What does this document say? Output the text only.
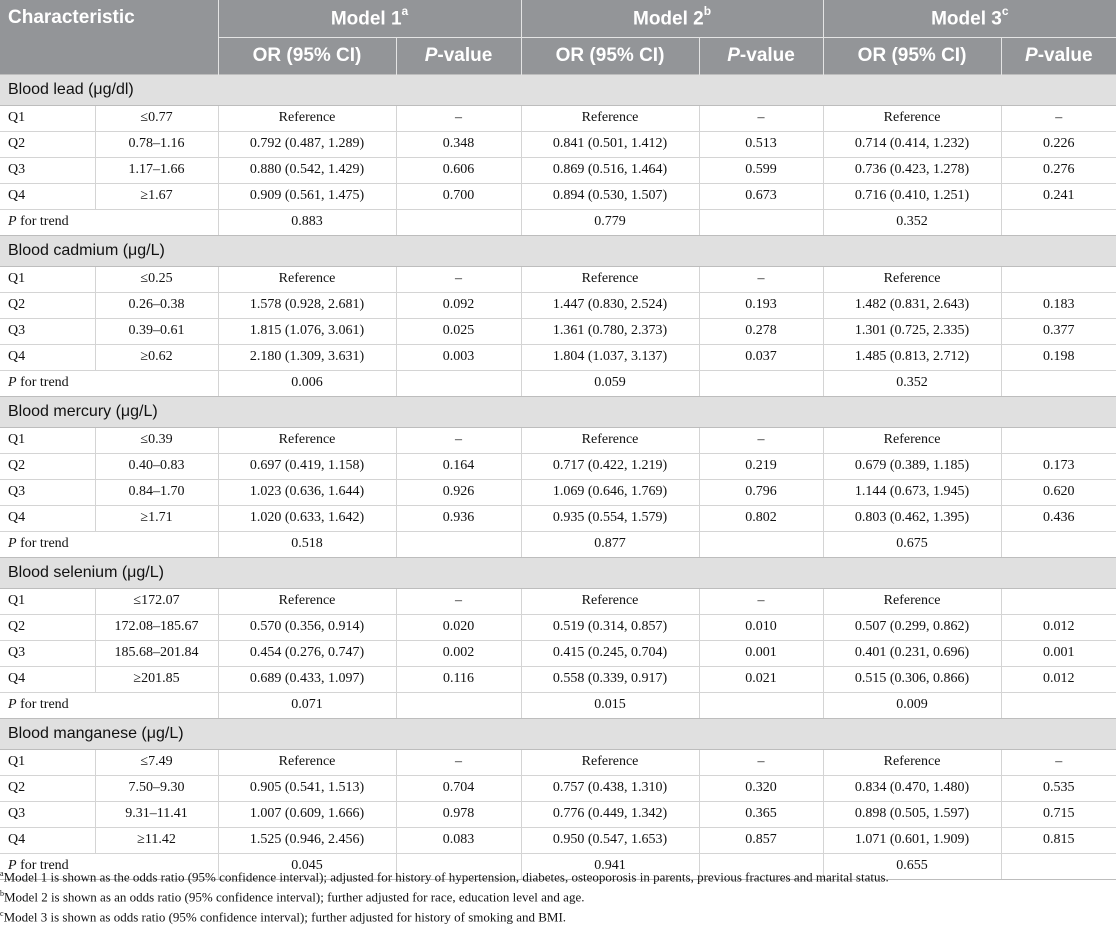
Characteristic		Model 1$^a$		Model 2$^b$		Model 3$^c$
		OR (95% CI)	P-value	OR (95% CI)	P-value	OR (95% CI)	P-value
Blood lead (μg/dl)							
Q1	≤0.77	Reference	–	Reference	–	Reference	–
Q2	0.78–1.16	0.792 (0.487, 1.289)	0.348	0.841 (0.501, 1.412)	0.513	0.714 (0.414, 1.232)	0.226
Q3	1.17–1.66	0.880 (0.542, 1.429)	0.606	0.869 (0.516, 1.464)	0.599	0.736 (0.423, 1.278)	0.276
Q4	≥1.67	0.909 (0.561, 1.475)	0.700	0.894 (0.530, 1.507)	0.673	0.716 (0.410, 1.251)	0.241
P for trend		0.883		0.779		0.352	
Blood cadmium (μg/L)							
Q1	≤0.25	Reference	–	Reference	–	Reference	
Q2	0.26–0.38	1.578 (0.928, 2.681)	0.092	1.447 (0.830, 2.524)	0.193	1.482 (0.831, 2.643)	0.183
Q3	0.39–0.61	1.815 (1.076, 3.061)	0.025	1.361 (0.780, 2.373)	0.278	1.301 (0.725, 2.335)	0.377
Q4	≥0.62	2.180 (1.309, 3.631)	0.003	1.804 (1.037, 3.137)	0.037	1.485 (0.813, 2.712)	0.198
P for trend		0.006		0.059		0.352	
Blood mercury (μg/L)							
Q1	≤0.39	Reference	–	Reference	–	Reference	
Q2	0.40–0.83	0.697 (0.419, 1.158)	0.164	0.717 (0.422, 1.219)	0.219	0.679 (0.389, 1.185)	0.173
Q3	0.84–1.70	1.023 (0.636, 1.644)	0.926	1.069 (0.646, 1.769)	0.796	1.144 (0.673, 1.945)	0.620
Q4	≥1.71	1.020 (0.633, 1.642)	0.936	0.935 (0.554, 1.579)	0.802	0.803 (0.462, 1.395)	0.436
P for trend		0.518		0.877		0.675	
Blood selenium (μg/L)							
Q1	≤172.07	Reference	–	Reference	–	Reference	
Q2	172.08–185.67	0.570 (0.356, 0.914)	0.020	0.519 (0.314, 0.857)	0.010	0.507 (0.299, 0.862)	0.012
Q3	185.68–201.84	0.454 (0.276, 0.747)	0.002	0.415 (0.245, 0.704)	0.001	0.401 (0.231, 0.696)	0.001
Q4	≥201.85	0.689 (0.433, 1.097)	0.116	0.558 (0.339, 0.917)	0.021	0.515 (0.306, 0.866)	0.012
P for trend		0.071		0.015		0.009	
Blood manganese (μg/L)							
Q1	≤7.49	Reference	–	Reference	–	Reference	–
Q2	7.50–9.30	0.905 (0.541, 1.513)	0.704	0.757 (0.438, 1.310)	0.320	0.834 (0.470, 1.480)	0.535
Q3	9.31–11.41	1.007 (0.609, 1.666)	0.978	0.776 (0.449, 1.342)	0.365	0.898 (0.505, 1.597)	0.715
Q4	≥11.42	1.525 (0.946, 2.456)	0.083	0.950 (0.547, 1.653)	0.857	1.071 (0.601, 1.909)	0.815
P for trend		0.045		0.941		0.655	
$^a$Model 1 is shown as the odds ratio (95% confidence interval); adjusted for history of hypertension, diabetes, osteoporosis in parents, previous fractures and marital status.
$^b$Model 2 is shown as an odds ratio (95% confidence interval); further adjusted for race, education level and age.
$^c$Model 3 is shown as odds ratio (95% confidence interval); further adjusted for history of smoking and BMI.
